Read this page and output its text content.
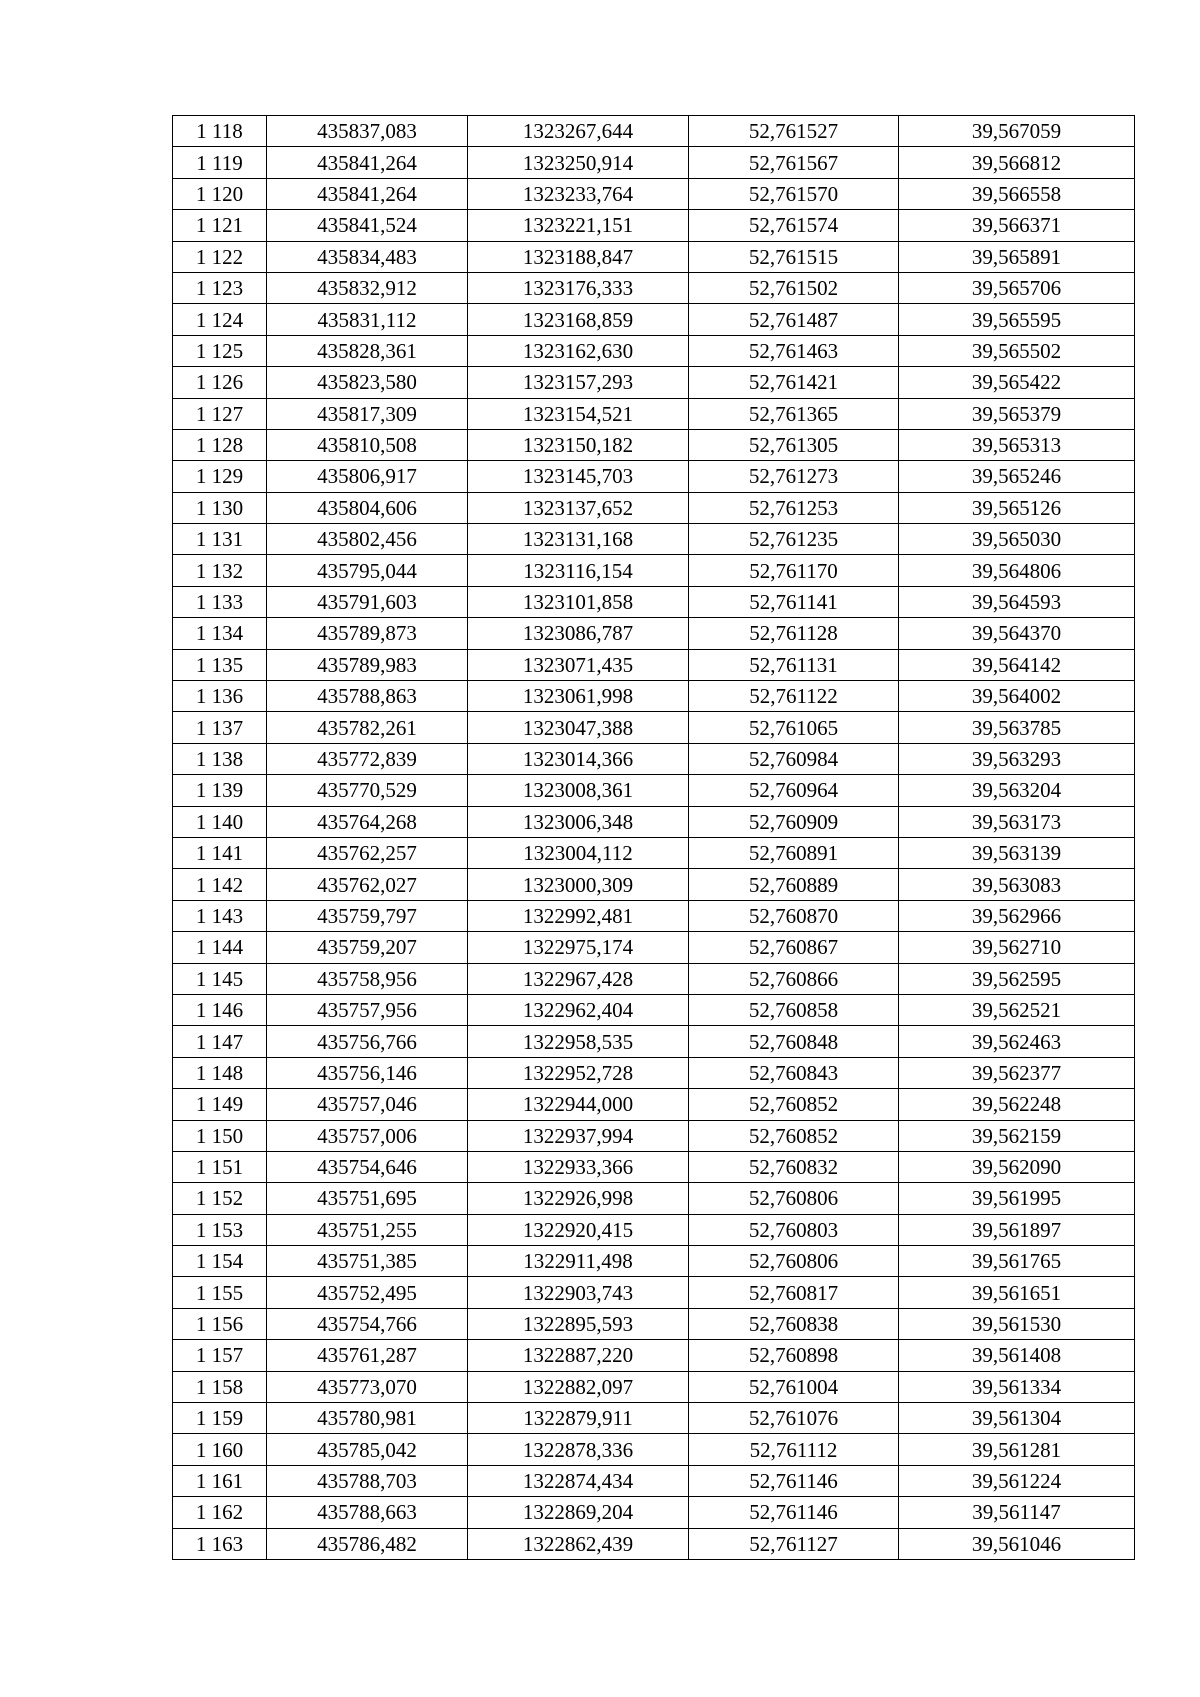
1 118	435837,083	1323267,644	52,761527	39,567059
1 119	435841,264	1323250,914	52,761567	39,566812
1 120	435841,264	1323233,764	52,761570	39,566558
1 121	435841,524	1323221,151	52,761574	39,566371
1 122	435834,483	1323188,847	52,761515	39,565891
1 123	435832,912	1323176,333	52,761502	39,565706
1 124	435831,112	1323168,859	52,761487	39,565595
1 125	435828,361	1323162,630	52,761463	39,565502
1 126	435823,580	1323157,293	52,761421	39,565422
1 127	435817,309	1323154,521	52,761365	39,565379
1 128	435810,508	1323150,182	52,761305	39,565313
1 129	435806,917	1323145,703	52,761273	39,565246
1 130	435804,606	1323137,652	52,761253	39,565126
1 131	435802,456	1323131,168	52,761235	39,565030
1 132	435795,044	1323116,154	52,761170	39,564806
1 133	435791,603	1323101,858	52,761141	39,564593
1 134	435789,873	1323086,787	52,761128	39,564370
1 135	435789,983	1323071,435	52,761131	39,564142
1 136	435788,863	1323061,998	52,761122	39,564002
1 137	435782,261	1323047,388	52,761065	39,563785
1 138	435772,839	1323014,366	52,760984	39,563293
1 139	435770,529	1323008,361	52,760964	39,563204
1 140	435764,268	1323006,348	52,760909	39,563173
1 141	435762,257	1323004,112	52,760891	39,563139
1 142	435762,027	1323000,309	52,760889	39,563083
1 143	435759,797	1322992,481	52,760870	39,562966
1 144	435759,207	1322975,174	52,760867	39,562710
1 145	435758,956	1322967,428	52,760866	39,562595
1 146	435757,956	1322962,404	52,760858	39,562521
1 147	435756,766	1322958,535	52,760848	39,562463
1 148	435756,146	1322952,728	52,760843	39,562377
1 149	435757,046	1322944,000	52,760852	39,562248
1 150	435757,006	1322937,994	52,760852	39,562159
1 151	435754,646	1322933,366	52,760832	39,562090
1 152	435751,695	1322926,998	52,760806	39,561995
1 153	435751,255	1322920,415	52,760803	39,561897
1 154	435751,385	1322911,498	52,760806	39,561765
1 155	435752,495	1322903,743	52,760817	39,561651
1 156	435754,766	1322895,593	52,760838	39,561530
1 157	435761,287	1322887,220	52,760898	39,561408
1 158	435773,070	1322882,097	52,761004	39,561334
1 159	435780,981	1322879,911	52,761076	39,561304
1 160	435785,042	1322878,336	52,761112	39,561281
1 161	435788,703	1322874,434	52,761146	39,561224
1 162	435788,663	1322869,204	52,761146	39,561147
1 163	435786,482	1322862,439	52,761127	39,561046
